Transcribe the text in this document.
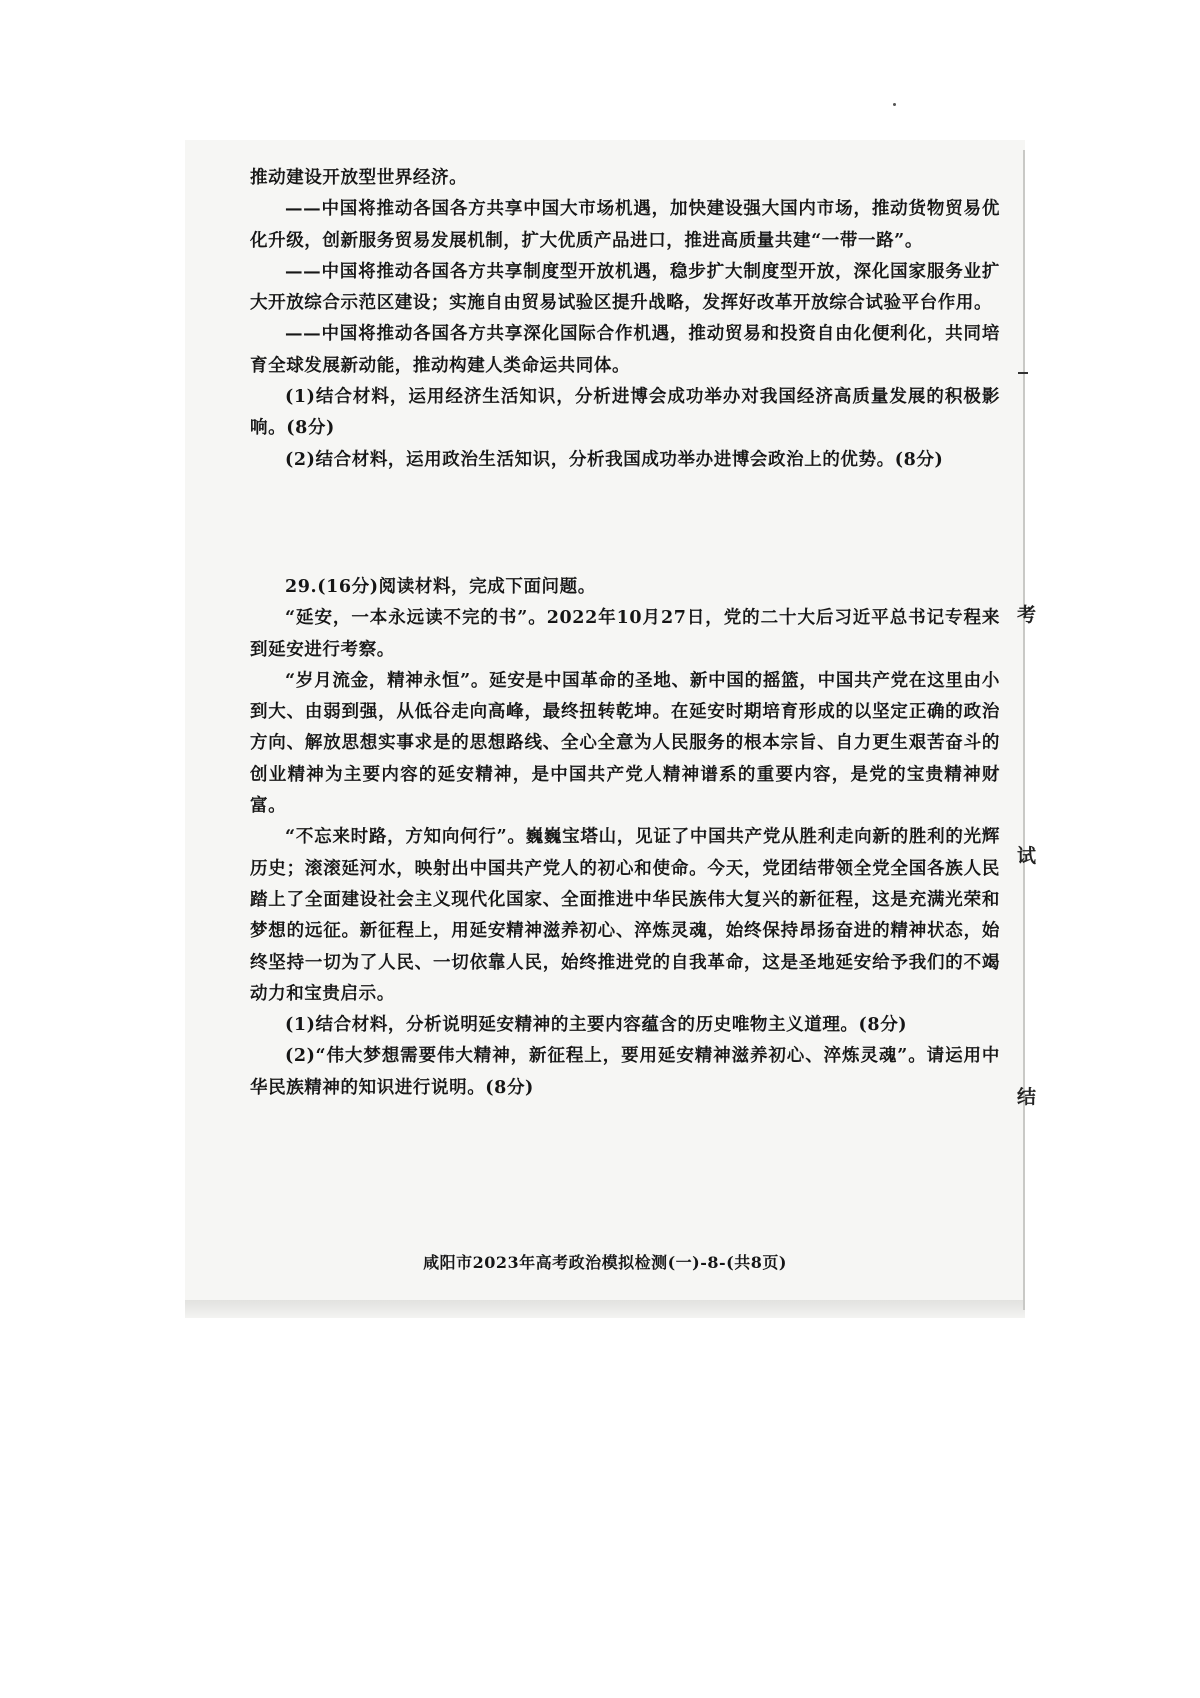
考
试
结

推动建设开放型世界经济。

——中国将推动各国各方共享中国大市场机遇，加快建设强大国内市场，推动货物贸易优化升级，创新服务贸易发展机制，扩大优质产品进口，推进高质量共建“一带一路”。

——中国将推动各国各方共享制度型开放机遇，稳步扩大制度型开放，深化国家服务业扩大开放综合示范区建设；实施自由贸易试验区提升战略，发挥好改革开放综合试验平台作用。

——中国将推动各国各方共享深化国际合作机遇，推动贸易和投资自由化便利化，共同培育全球发展新动能，推动构建人类命运共同体。

(1)结合材料，运用经济生活知识，分析进博会成功举办对我国经济高质量发展的积极影响。(8分)

(2)结合材料，运用政治生活知识，分析我国成功举办进博会政治上的优势。(8分)

29.(16分)阅读材料，完成下面问题。

“延安，一本永远读不完的书”。2022年10月27日，党的二十大后习近平总书记专程来到延安进行考察。

“岁月流金，精神永恒”。延安是中国革命的圣地、新中国的摇篮，中国共产党在这里由小到大、由弱到强，从低谷走向高峰，最终扭转乾坤。在延安时期培育形成的以坚定正确的政治方向、解放思想实事求是的思想路线、全心全意为人民服务的根本宗旨、自力更生艰苦奋斗的创业精神为主要内容的延安精神，是中国共产党人精神谱系的重要内容，是党的宝贵精神财富。

“不忘来时路，方知向何行”。巍巍宝塔山，见证了中国共产党从胜利走向新的胜利的光辉历史；滚滚延河水，映射出中国共产党人的初心和使命。今天，党团结带领全党全国各族人民踏上了全面建设社会主义现代化国家、全面推进中华民族伟大复兴的新征程，这是充满光荣和梦想的远征。新征程上，用延安精神滋养初心、淬炼灵魂，始终保持昂扬奋进的精神状态，始终坚持一切为了人民、一切依靠人民，始终推进党的自我革命，这是圣地延安给予我们的不竭动力和宝贵启示。

(1)结合材料，分析说明延安精神的主要内容蕴含的历史唯物主义道理。(8分)

(2)“伟大梦想需要伟大精神，新征程上，要用延安精神滋养初心、淬炼灵魂”。请运用中华民族精神的知识进行说明。(8分)

咸阳市2023年高考政治模拟检测(一)-8-(共8页)
